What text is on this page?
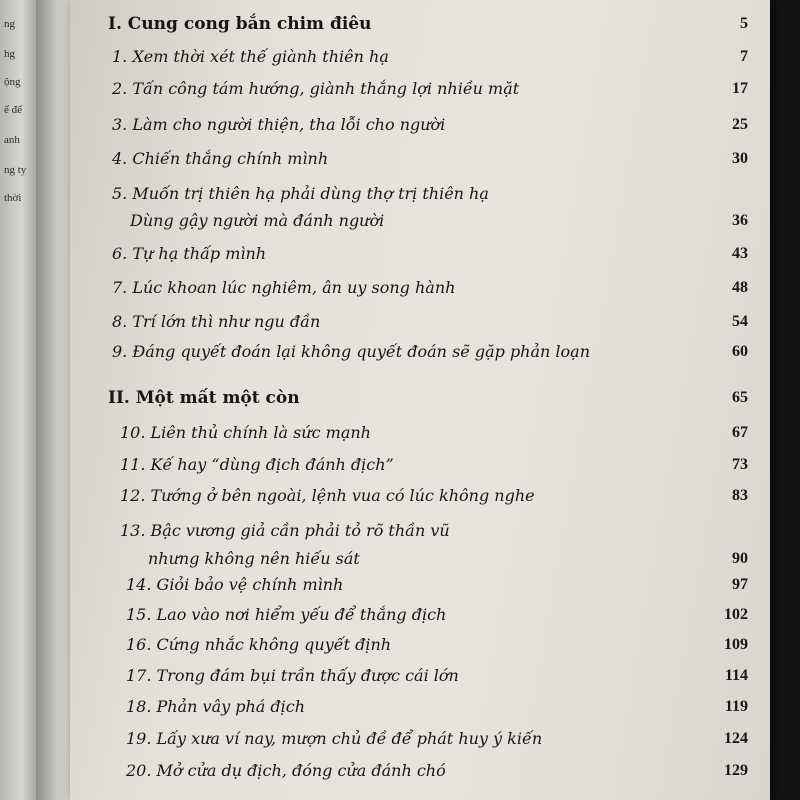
ng
hg
ộng
ể để
anh
ng ty
thời
I. Cung cong bắn chim điêu	5
1. Xem thời xét thế giành thiên hạ	7
2. Tấn công tám hướng, giành thắng lợi nhiều mặt	17
3. Làm cho người thiện, tha lỗi cho người	25
4. Chiến thắng chính mình	30
5. Muốn trị thiên hạ phải dùng thợ trị thiên hạ
Dùng gậy người mà đánh người	36
6. Tự hạ thấp mình	43
7. Lúc khoan lúc nghiêm, ân uy song hành	48
8. Trí lớn thì như ngu đần	54
9. Đáng quyết đoán lại không quyết đoán sẽ gặp phản loạn	60
II. Một mất một còn	65
10. Liên thủ chính là sức mạnh	67
11. Kế hay “dùng địch đánh địch”	73
12. Tướng ở bên ngoài, lệnh vua có lúc không nghe	83
13. Bậc vương giả cần phải tỏ rõ thần vũ
nhưng không nên hiếu sát	90
14. Giỏi bảo vệ chính mình	97
15. Lao vào nơi hiểm yếu để thắng địch	102
16. Cứng nhắc không quyết định	109
17. Trong đám bụi trần thấy được cái lớn	114
18. Phản vây phá địch	119
19. Lấy xưa ví nay, mượn chủ đề để phát huy ý kiến	124
20. Mở cửa dụ địch, đóng cửa đánh chó	129
